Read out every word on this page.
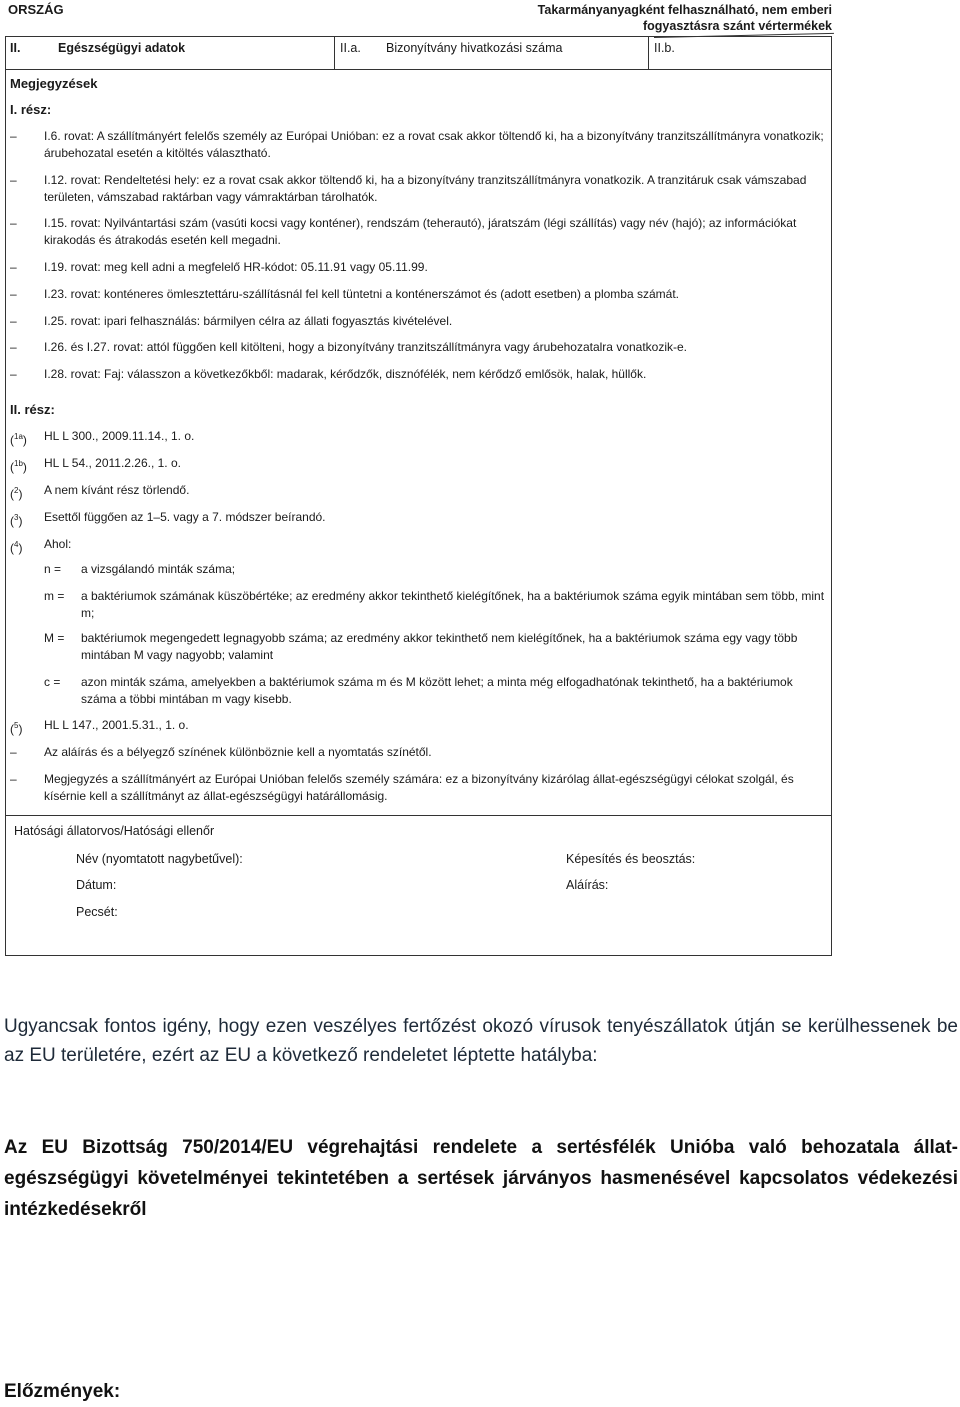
ORSZÁG	Takarmányanyagként felhasználható, nem emberi
fogyasztásra szánt vértermékek
II.	Egészségügyi adatok	II.a. Bizonyítvány hivatkozási száma	II.b.
Megjegyzések
I. rész:
–	I.6. rovat: A szállítmányért felelős személy az Európai Unióban: ez a rovat csak akkor töltendő ki, ha a bizonyítvány tranzitszállítmányra vonatkozik; árubehozatal esetén a kitöltés választható.
–	I.12. rovat: Rendeltetési hely: ez a rovat csak akkor töltendő ki, ha a bizonyítvány tranzitszállítmányra vonatkozik. A tranzitáruk csak vámszabad területen, vámszabad raktárban vagy vámraktárban tárolhatók.
–	I.15. rovat: Nyilvántartási szám (vasúti kocsi vagy konténer), rendszám (teherautó), járatszám (légi szállítás) vagy név (hajó); az információkat kirakodás és átrakodás esetén kell megadni.
–	I.19. rovat: meg kell adni a megfelelő HR-kódot: 05.11.91 vagy 05.11.99.
–	I.23. rovat: konténeres ömlesztettáru-szállításnál fel kell tüntetni a konténerszámot és (adott esetben) a plomba számát.
–	I.25. rovat: ipari felhasználás: bármilyen célra az állati fogyasztás kivételével.
–	I.26. és I.27. rovat: attól függően kell kitölteni, hogy a bizonyítvány tranzitszállítmányra vagy árubehozatalra vonatkozik-e.
–	I.28. rovat: Faj: válasszon a következőkből: madarak, kérődzők, disznófélék, nem kérődző emlősök, halak, hüllők.
II. rész:
($^{1a}$)	HL L 300., 2009.11.14., 1. o.
($^{1b}$)	HL L 54., 2011.2.26., 1. o.
($^2$)	A nem kívánt rész törlendő.
($^3$)	Esettől függően az 1–5. vagy a 7. módszer beírandó.
($^4$)	Ahol:
n =	a vizsgálandó minták száma;
m =	a baktériumok számának küszöbértéke; az eredmény akkor tekinthető kielégítőnek, ha a baktériumok száma egyik mintában sem több, mint m;
M =	baktériumok megengedett legnagyobb száma; az eredmény akkor tekinthető nem kielégítőnek, ha a baktériumok száma egy vagy több mintában M vagy nagyobb; valamint
c =	azon minták száma, amelyekben a baktériumok száma m és M között lehet; a minta még elfogadhatónak tekinthető, ha a baktériumok száma a többi mintában m vagy kisebb.
($^5$)	HL L 147., 2001.5.31., 1. o.
–	Az aláírás és a bélyegző színének különböznie kell a nyomtatás színétől.
–	Megjegyzés a szállítmányért az Európai Unióban felelős személy számára: ez a bizonyítvány kizárólag állat-egészségügyi célokat szolgál, és kísérnie kell a szállítmányt az állat-egészségügyi határállomásig.
Hatósági állatorvos/Hatósági ellenőr
Név (nyomtatott nagybetűvel):	Képesítés és beosztás:
Dátum:	Aláírás:
Pecsét:
Ugyancsak fontos igény, hogy ezen veszélyes fertőzést okozó vírusok tenyészállatok útján se kerülhessenek be az EU területére, ezért az EU a következő rendeletet léptette hatályba:
Az EU Bizottság 750/2014/EU végrehajtási rendelete a sertésfélék Unióba való behozatala állat-egészségügyi követelményei tekintetében a sertések járványos hasmenésével kapcsolatos védekezési intézkedésekről
Előzmények:
